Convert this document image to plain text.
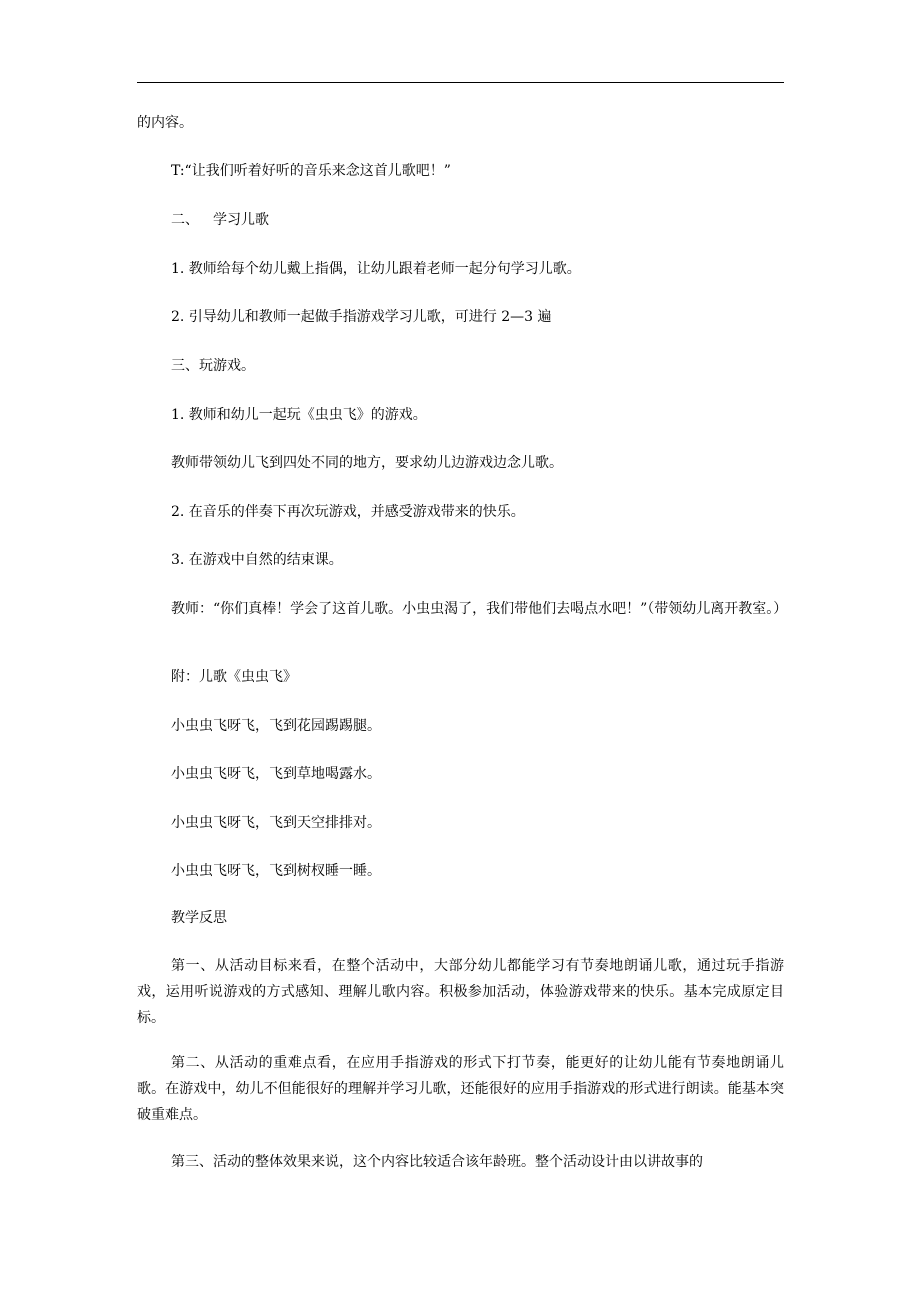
的内容。
T:“让我们听着好听的音乐来念这首儿歌吧！”
二、 学习儿歌
1. 教师给每个幼儿戴上指偶，让幼儿跟着老师一起分句学习儿歌。
2. 引导幼儿和教师一起做手指游戏学习儿歌，可进行 2—3 遍
三、玩游戏。
1. 教师和幼儿一起玩《虫虫飞》的游戏。
教师带领幼儿飞到四处不同的地方，要求幼儿边游戏边念儿歌。
2. 在音乐的伴奏下再次玩游戏，并感受游戏带来的快乐。
3. 在游戏中自然的结束课。
教师：“你们真棒！学会了这首儿歌。小虫虫渴了，我们带他们去喝点水吧！”（带领幼儿离开教室。）
附：儿歌《虫虫飞》
小虫虫飞呀飞，飞到花园踢踢腿。
小虫虫飞呀飞，飞到草地喝露水。
小虫虫飞呀飞，飞到天空排排对。
小虫虫飞呀飞，飞到树杈睡一睡。
教学反思
第一、从活动目标来看，在整个活动中，大部分幼儿都能学习有节奏地朗诵儿歌，通过玩手指游戏，运用听说游戏的方式感知、理解儿歌内容。积极参加活动，体验游戏带来的快乐。基本完成原定目标。
第二、从活动的重难点看，在应用手指游戏的形式下打节奏，能更好的让幼儿能有节奏地朗诵儿歌。在游戏中，幼儿不但能很好的理解并学习儿歌，还能很好的应用手指游戏的形式进行朗读。能基本突破重难点。
第三、活动的整体效果来说，这个内容比较适合该年龄班。整个活动设计由以讲故事的
